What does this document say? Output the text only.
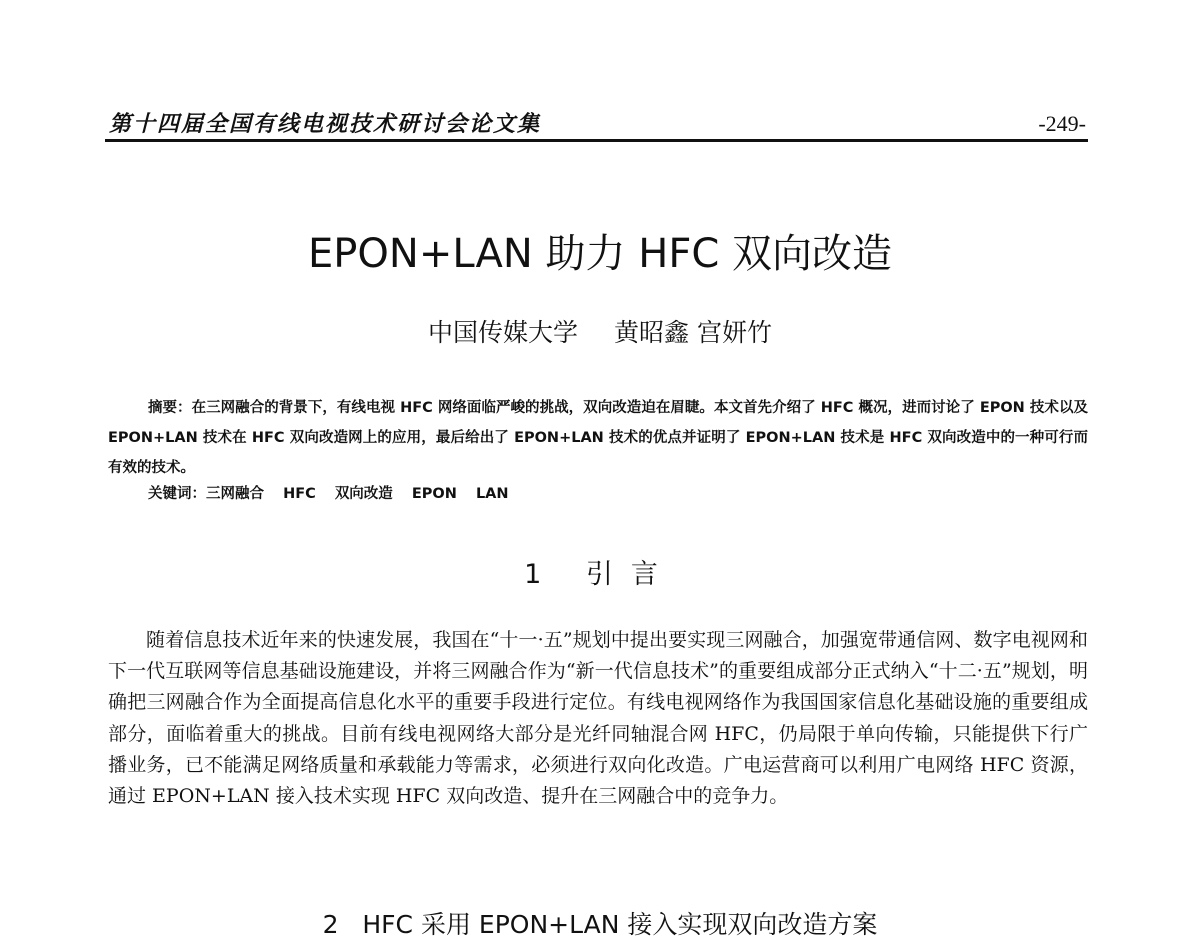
第十四届全国有线电视技术研讨会论文集	-249-
EPON+LAN 助力 HFC 双向改造
中国传媒大学 黄昭鑫 宫妍竹

摘要：在三网融合的背景下，有线电视 HFC 网络面临严峻的挑战，双向改造迫在眉睫。本文首先介绍了 HFC 概况，进而讨论了 EPON 技术以及 EPON+LAN 技术在 HFC 双向改造网上的应用，最后给出了 EPON+LAN 技术的优点并证明了 EPON+LAN 技术是 HFC 双向改造中的一种可行而有效的技术。

关键词：三网融合 HFC 双向改造 EPON LAN
1 引言

随着信息技术近年来的快速发展，我国在“十一·五”规划中提出要实现三网融合，加强宽带通信网、数字电视网和下一代互联网等信息基础设施建设，并将三网融合作为“新一代信息技术”的重要组成部分正式纳入“十二·五”规划，明确把三网融合作为全面提高信息化水平的重要手段进行定位。有线电视网络作为我国国家信息化基础设施的重要组成部分，面临着重大的挑战。目前有线电视网络大部分是光纤同轴混合网 HFC，仍局限于单向传输，只能提供下行广播业务，已不能满足网络质量和承载能力等需求，必须进行双向化改造。广电运营商可以利用广电网络 HFC 资源，通过 EPON+LAN 接入技术实现 HFC 双向改造、提升在三网融合中的竞争力。

2 HFC 采用 EPON+LAN 接入实现双向改造方案
